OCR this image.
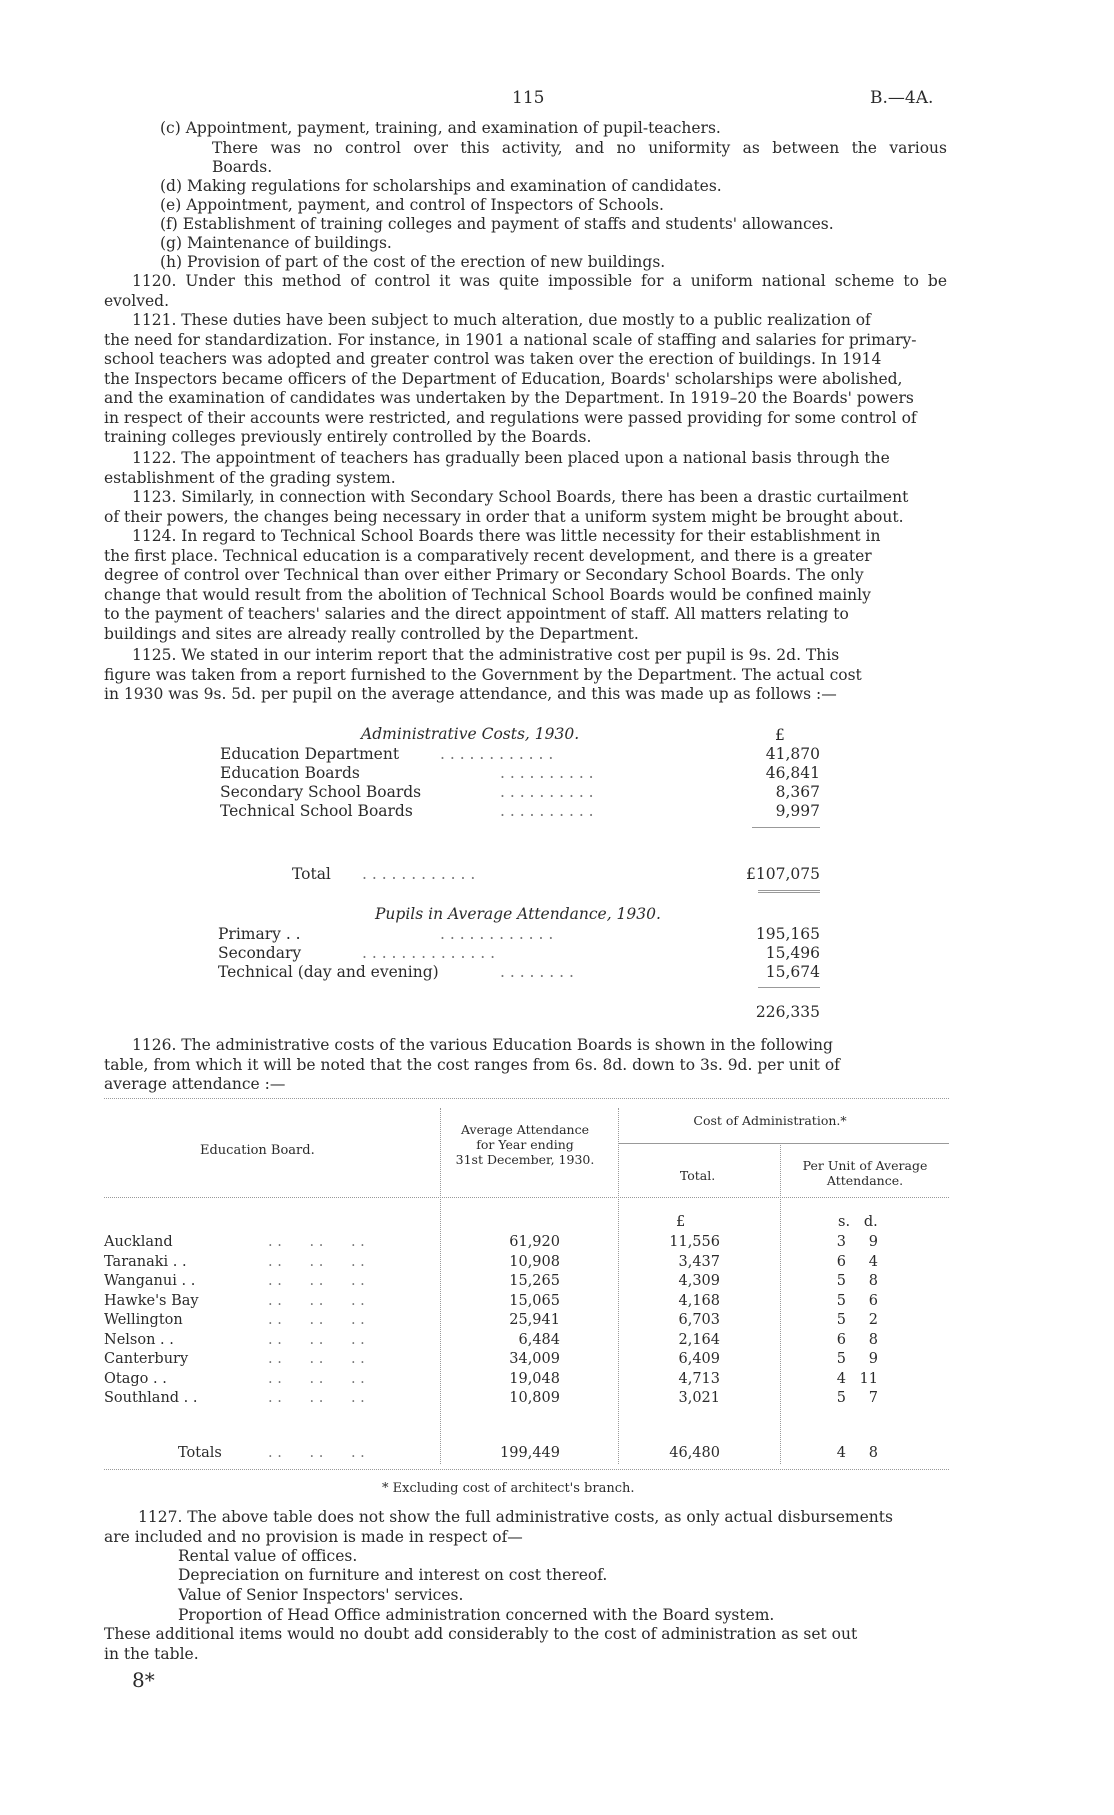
115	B.—4A.
(c) Appointment, payment, training, and examination of pupil-teachers.
There was no control over this activity, and no uniformity as between the various
Boards.
(d) Making regulations for scholarships and examination of candidates.
(e) Appointment, payment, and control of Inspectors of Schools.
(f) Establishment of training colleges and payment of staffs and students' allowances.
(g) Maintenance of buildings.
(h) Provision of part of the cost of the erection of new buildings.
1120. Under this method of control it was quite impossible for a uniform national scheme to be
evolved.
1121. These duties have been subject to much alteration, due mostly to a public realization of
the need for standardization. For instance, in 1901 a national scale of staffing and salaries for primary-
school teachers was adopted and greater control was taken over the erection of buildings. In 1914
the Inspectors became officers of the Department of Education, Boards' scholarships were abolished,
and the examination of candidates was undertaken by the Department. In 1919–20 the Boards' powers
in respect of their accounts were restricted, and regulations were passed providing for some control of
training colleges previously entirely controlled by the Boards.
1122. The appointment of teachers has gradually been placed upon a national basis through the
establishment of the grading system.
1123. Similarly, in connection with Secondary School Boards, there has been a drastic curtailment
of their powers, the changes being necessary in order that a uniform system might be brought about.
1124. In regard to Technical School Boards there was little necessity for their establishment in
the first place. Technical education is a comparatively recent development, and there is a greater
degree of control over Technical than over either Primary or Secondary School Boards. The only
change that would result from the abolition of Technical School Boards would be confined mainly
to the payment of teachers' salaries and the direct appointment of staff. All matters relating to
buildings and sites are already really controlled by the Department.
1125. We stated in our interim report that the administrative cost per pupil is 9s. 2d. This
figure was taken from a report furnished to the Government by the Department. The actual cost
in 1930 was 9s. 5d. per pupil on the average attendance, and this was made up as follows :—
Administrative Costs, 1930.	£
Education Department	. . . . . . . . . . . .	41,870
Education Boards	. . . . . . . . . .	46,841
Secondary School Boards	. . . . . . . . . .	8,367
Technical School Boards	. . . . . . . . . .	9,997
Total . . . . . . . . . . . .	£107,075
Pupils in Average Attendance, 1930.
Primary . .	. . . . . . . . . . . .	195,165
Secondary	. . . . . . . . . . . . . .	15,496
Technical (day and evening)	. . . . . . . .	15,674
226,335
1126. The administrative costs of the various Education Boards is shown in the following
table, from which it will be noted that the cost ranges from 6s. 8d. down to 3s. 9d. per unit of
average attendance :—
Education Board.
Average Attendance
for Year ending
31st December, 1930.
Cost of Administration.*
Total.
Per Unit of Average
Attendance.
£	s.   d.
Auckland	. .      . .      . .	61,920	11,556	3	9
Taranaki . .	. .      . .      . .	10,908	3,437	6	4
Wanganui . .	. .      . .      . .	15,265	4,309	5	8
Hawke's Bay	. .      . .      . .	15,065	4,168	5	6
Wellington	. .      . .      . .	25,941	6,703	5	2
Nelson . .	. .      . .      . .	6,484	2,164	6	8
Canterbury	. .      . .      . .	34,009	6,409	5	9
Otago . .	. .      . .      . .	19,048	4,713	4 11
Southland . .	. .      . .      . .	10,809	3,021	5	7
Totals	. .      . .      . .	199,449	46,480	4	8
* Excluding cost of architect's branch.
1127. The above table does not show the full administrative costs, as only actual disbursements
are included and no provision is made in respect of—
Rental value of offices.
Depreciation on furniture and interest on cost thereof.
Value of Senior Inspectors' services.
Proportion of Head Office administration concerned with the Board system.
These additional items would no doubt add considerably to the cost of administration as set out
in the table.
8*
